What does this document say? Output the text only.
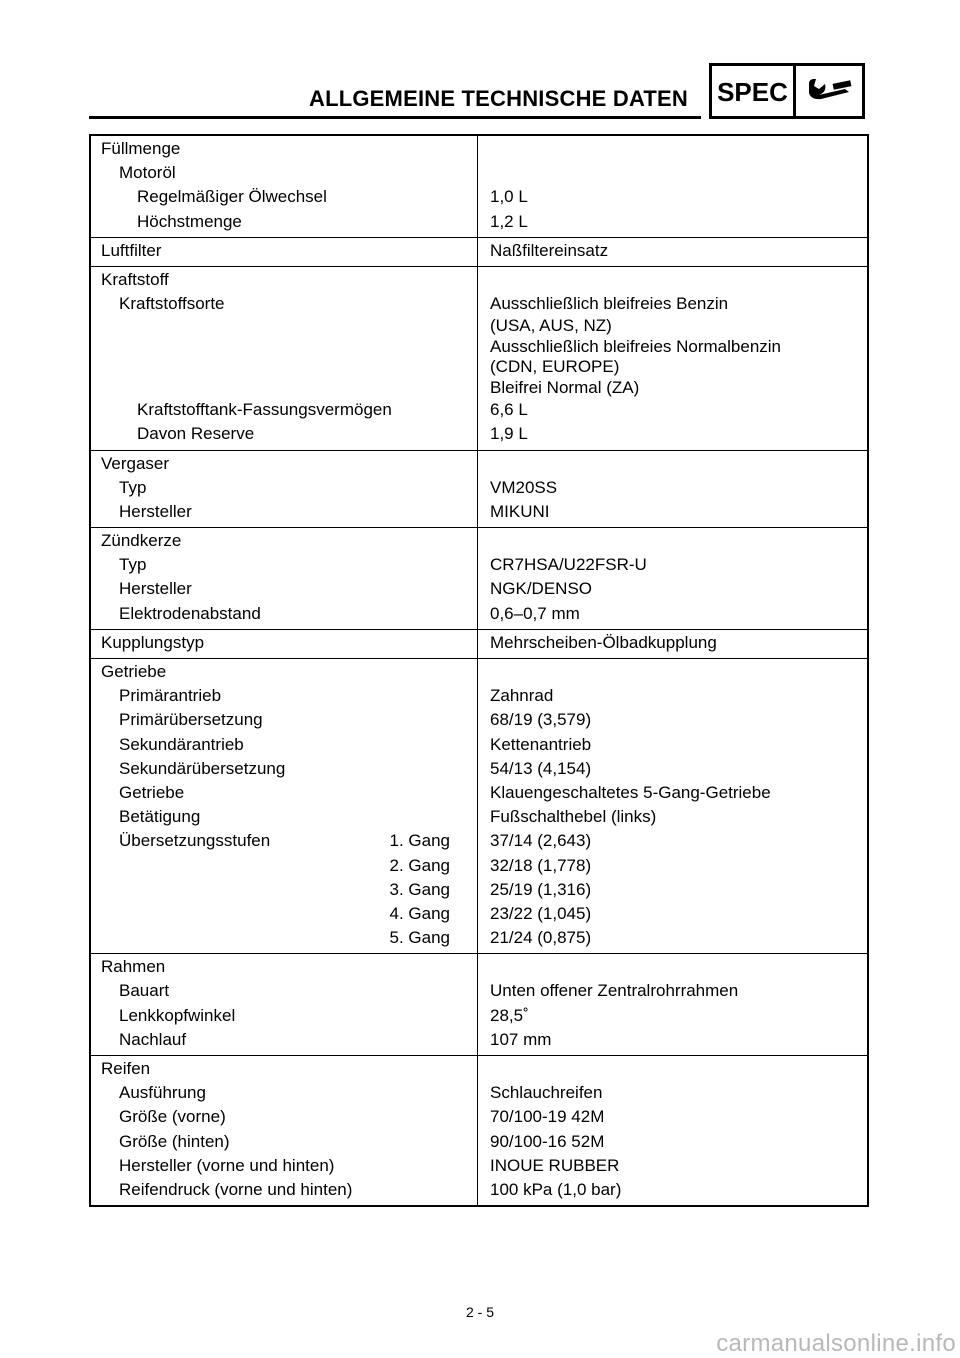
ALLGEMEINE TECHNISCHE DATEN SPEC
Füllmenge
Motoröl
Regelmäßiger Ölwechsel	1,0 L
Höchstmenge	1,2 L
Luftfilter	Naßfiltereinsatz
Kraftstoff
Kraftstoffsorte	Ausschließlich bleifreies Benzin
(USA, AUS, NZ)
Ausschließlich bleifreies Normalbenzin
(CDN, EUROPE)
Bleifrei Normal (ZA)
Kraftstofftank-Fassungsvermögen	6,6 L
Davon Reserve	1,9 L
Vergaser
Typ	VM20SS
Hersteller	MIKUNI
Zündkerze
Typ	CR7HSA/U22FSR-U
Hersteller	NGK/DENSO
Elektrodenabstand	0,6–0,7 mm
Kupplungstyp	Mehrscheiben-Ölbadkupplung
Getriebe
Primärantrieb	Zahnrad
Primärübersetzung	68/19 (3,579)
Sekundärantrieb	Kettenantrieb
Sekundärübersetzung	54/13 (4,154)
Getriebe	Klauengeschaltetes 5-Gang-Getriebe
Betätigung	Fußschalthebel (links)
Übersetzungsstufen	1. Gang	37/14 (2,643)
2. Gang	32/18 (1,778)
3. Gang	25/19 (1,316)
4. Gang	23/22 (1,045)
5. Gang	21/24 (0,875)
Rahmen
Bauart	Unten offener Zentralrohrrahmen
Lenkkopfwinkel	28,5˚
Nachlauf	107 mm
Reifen
Ausführung	Schlauchreifen
Größe (vorne)	70/100-19 42M
Größe (hinten)	90/100-16 52M
Hersteller (vorne und hinten)	INOUE RUBBER
Reifendruck (vorne und hinten)	100 kPa (1,0 bar)
2 - 5
carmanualsonline.info
